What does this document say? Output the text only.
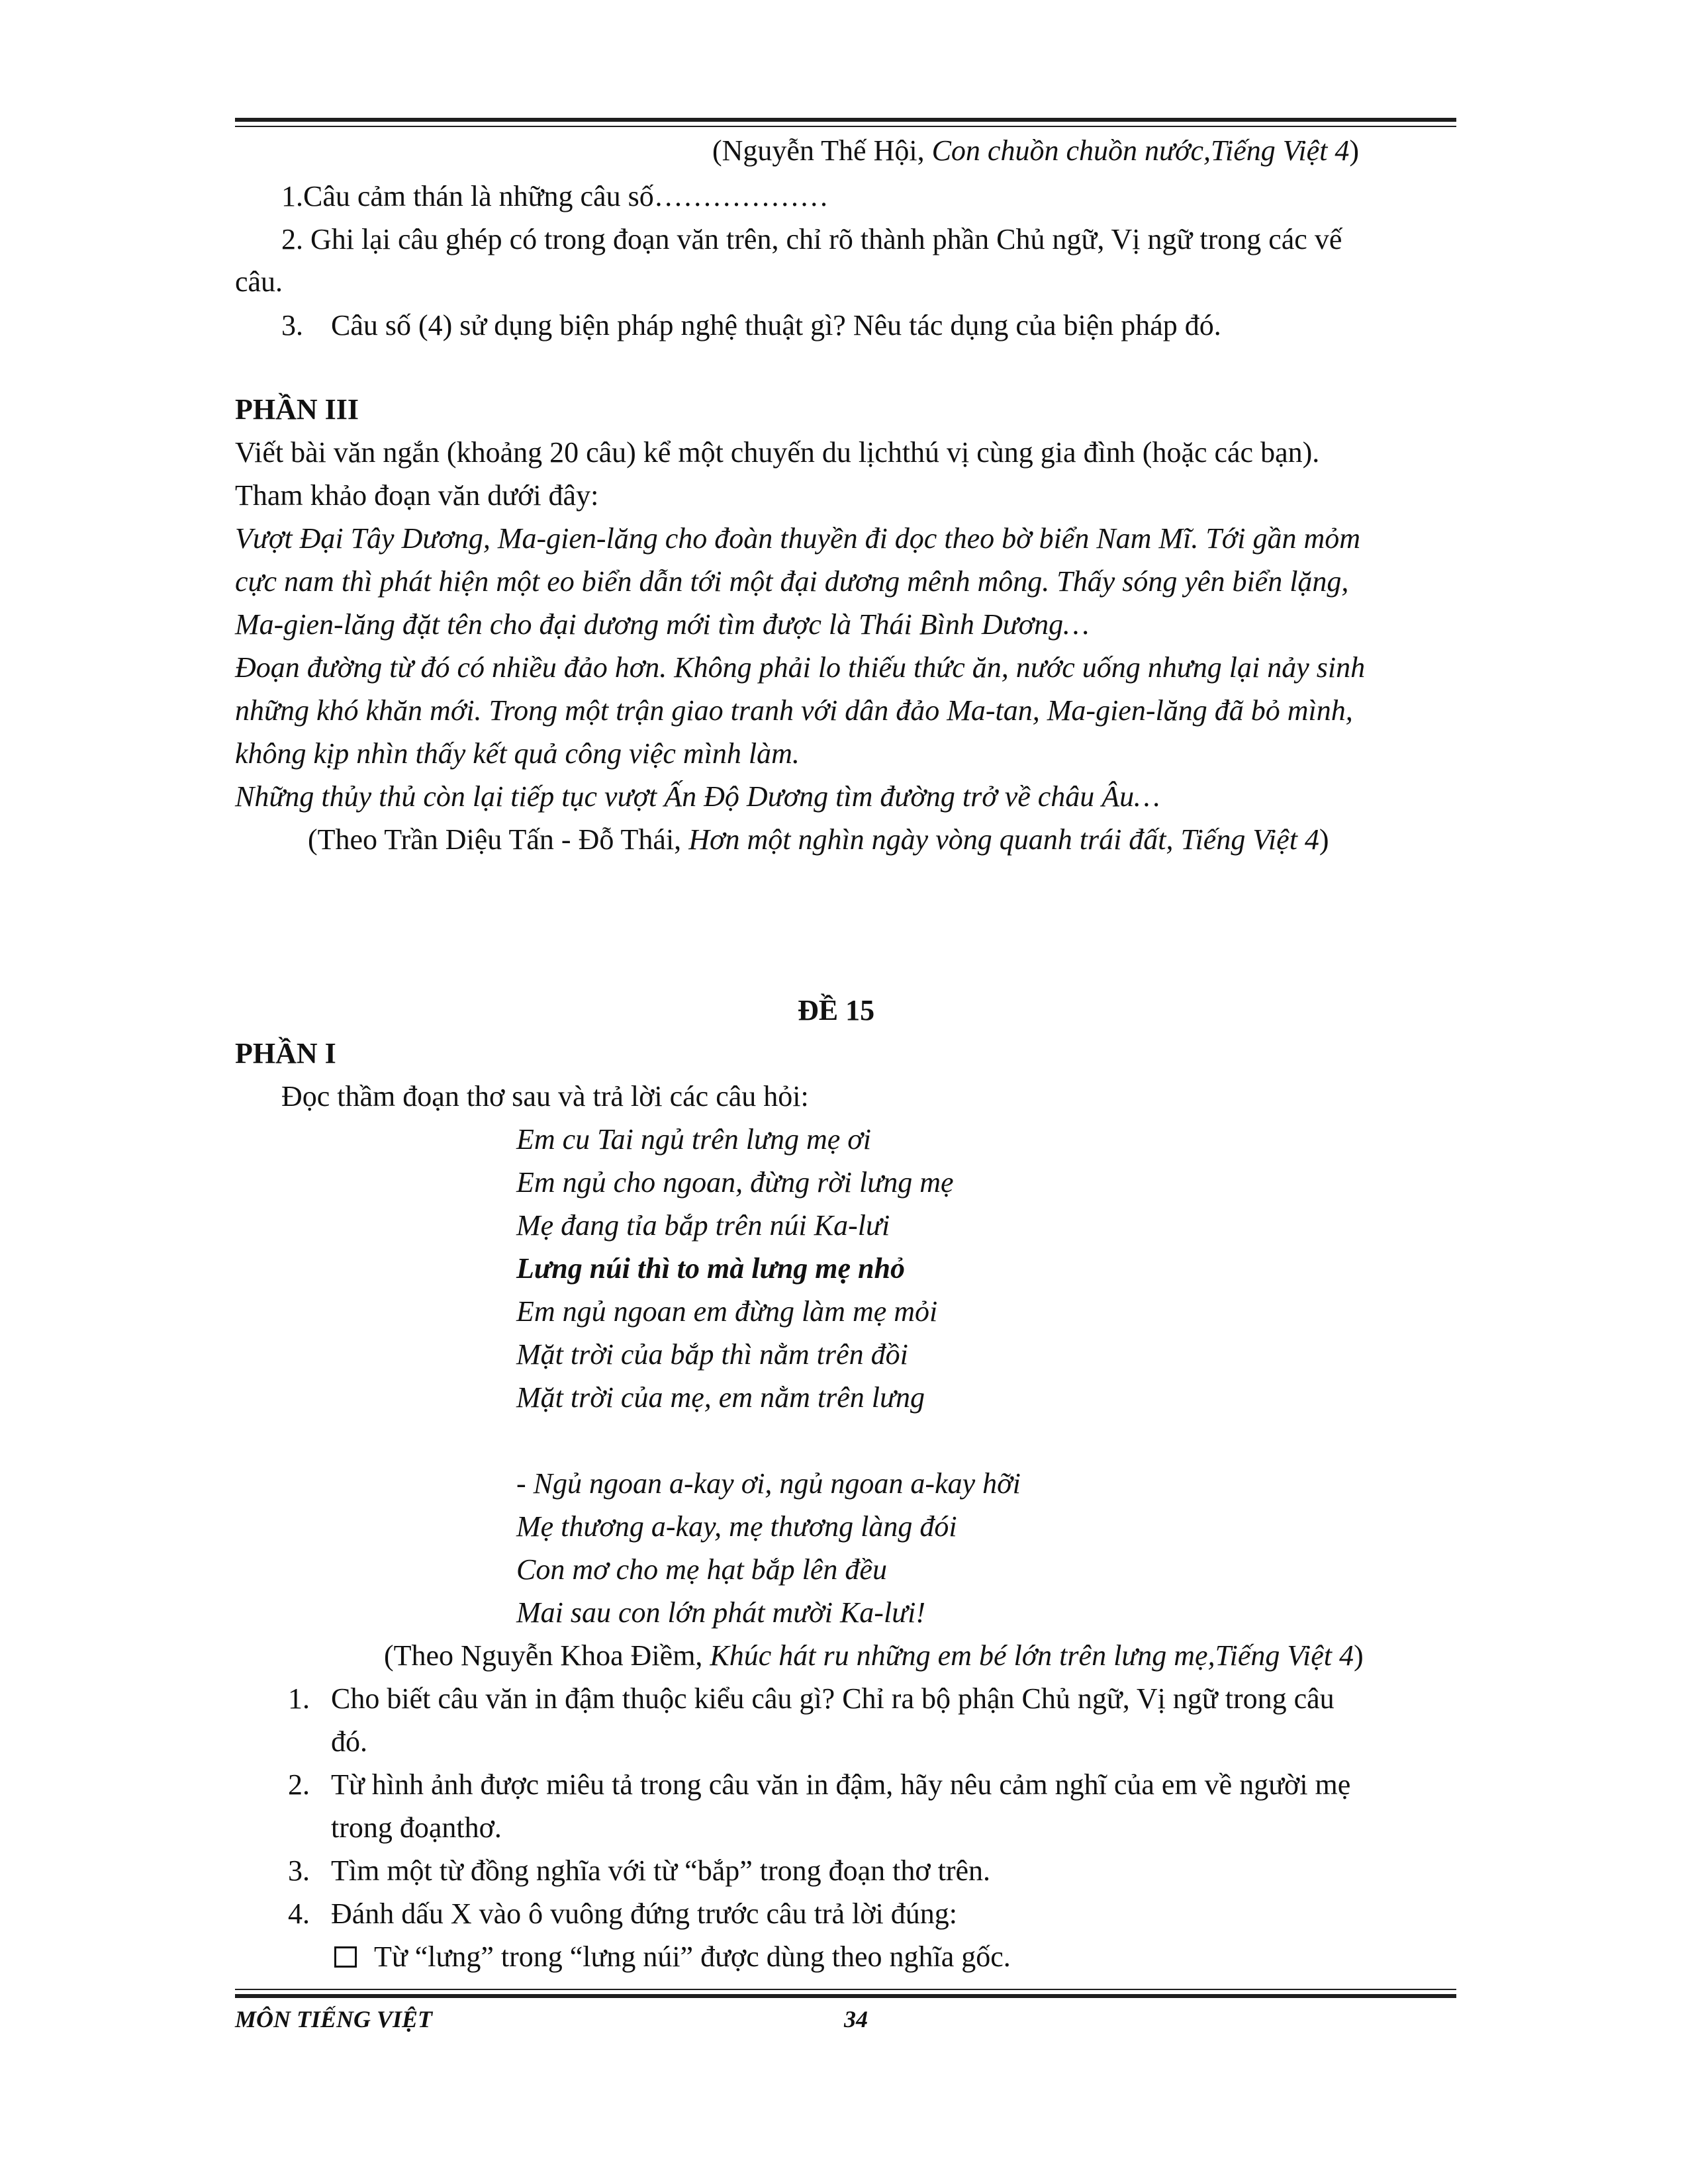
(Nguyễn Thế Hội, Con chuồn chuồn nước,Tiếng Việt 4)
1.Câu cảm thán là những câu số………………
2. Ghi lại câu ghép có trong đoạn văn trên, chỉ rõ thành phần Chủ ngữ, Vị ngữ trong các vế
câu.
3. Câu số (4) sử dụng biện pháp nghệ thuật gì? Nêu tác dụng của biện pháp đó.
PHẦN III
Viết bài văn ngắn (khoảng 20 câu) kể một chuyến du lịchthú vị cùng gia đình (hoặc các bạn).
Tham khảo đoạn văn dưới đây:
Vượt Đại Tây Dương, Ma-gien-lăng cho đoàn thuyền đi dọc theo bờ biển Nam Mĩ. Tới gần mỏm
cực nam thì phát hiện một eo biển dẫn tới một đại dương mênh mông. Thấy sóng yên biển lặng,
Ma-gien-lăng đặt tên cho đại dương mới tìm được là Thái Bình Dương…
Đoạn đường từ đó có nhiều đảo hơn. Không phải lo thiếu thức ăn, nước uống nhưng lại nảy sinh
những khó khăn mới. Trong một trận giao tranh với dân đảo Ma-tan, Ma-gien-lăng đã bỏ mình,
không kịp nhìn thấy kết quả công việc mình làm.
Những thủy thủ còn lại tiếp tục vượt Ấn Độ Dương tìm đường trở về châu Âu…
(Theo Trần Diệu Tấn - Đỗ Thái, Hơn một nghìn ngày vòng quanh trái đất, Tiếng Việt 4)
ĐỀ 15
PHẦN I
Đọc thầm đoạn thơ sau và trả lời các câu hỏi:
Em cu Tai ngủ trên lưng mẹ ơi
Em ngủ cho ngoan, đừng rời lưng mẹ
Mẹ đang tỉa bắp trên núi Ka-lưi
Lưng núi thì to mà lưng mẹ nhỏ
Em ngủ ngoan em đừng làm mẹ mỏi
Mặt trời của bắp thì nằm trên đồi
Mặt trời của mẹ, em nằm trên lưng
- Ngủ ngoan a-kay ơi, ngủ ngoan a-kay hỡi
Mẹ thương a-kay, mẹ thương làng đói
Con mơ cho mẹ hạt bắp lên đều
Mai sau con lớn phát mười Ka-lưi!
(Theo Nguyễn Khoa Điềm, Khúc hát ru những em bé lớn trên lưng mẹ,Tiếng Việt 4)
1. Cho biết câu văn in đậm thuộc kiểu câu gì? Chỉ ra bộ phận Chủ ngữ, Vị ngữ trong câu
đó.
2. Từ hình ảnh được miêu tả trong câu văn in đậm, hãy nêu cảm nghĩ của em về người mẹ
trong đoạnthơ.
3. Tìm một từ đồng nghĩa với từ “bắp” trong đoạn thơ trên.
4. Đánh dấu X vào ô vuông đứng trước câu trả lời đúng:
Từ “lưng” trong “lưng núi” được dùng theo nghĩa gốc.
MÔN TIẾNG VIỆT	34
